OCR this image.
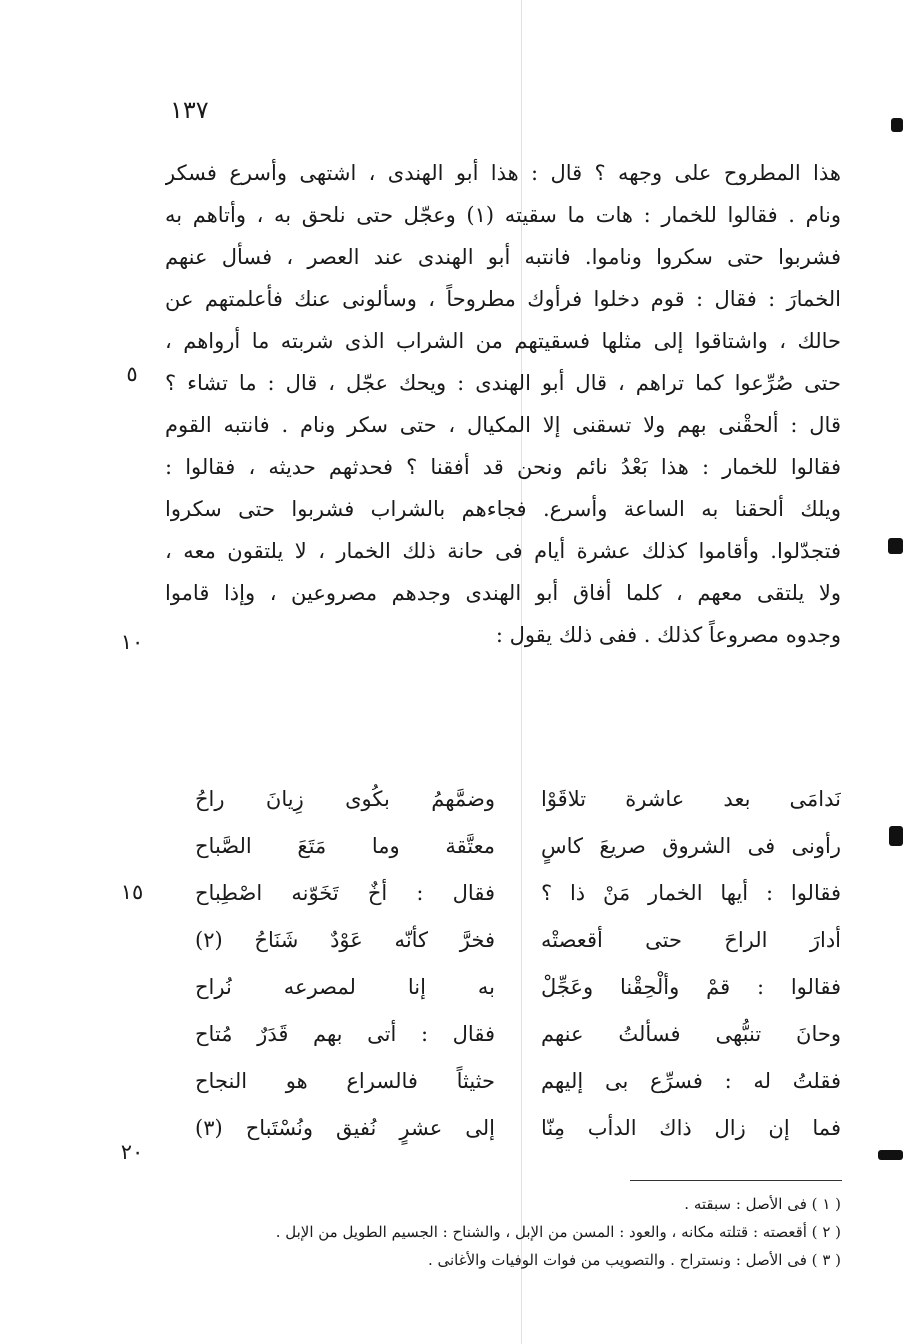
١٣٧
هذا المطروح على وجهه ؟ قال : هذا أبو الهندى ، اشتهى وأسرع فسكر
ونام . فقالوا للخمار : هات ما سقيته (١) وعجّل حتى نلحق به ، وأتاهم به
فشربوا حتى سكروا وناموا. فانتبه أبو الهندى عند العصر ، فسأل عنهم
الخمارَ : فقال : قوم دخلوا فرأوك مطروحاً ، وسألونى عنك فأعلمتهم عن
حالك ، واشتاقوا إلى مثلها فسقيتهم من الشراب الذى شربته ما أرواهم ،
حتى صُرِّعوا كما تراهم ، قال أبو الهندى : ويحك عجّل ، قال : ما تشاء ؟
قال : ألحقْنى بهم ولا تسقنى إلا المكيال ، حتى سكر ونام . فانتبه القوم
فقالوا للخمار : هذا بَعْدُ نائم ونحن قد أفقنا ؟ فحدثهم حديثه ، فقالوا :
ويلك ألحقنا به الساعة وأسرع. فجاءهم بالشراب فشربوا حتى سكروا
فتجدّلوا. وأقاموا كذلك عشرة أيام فى حانة ذلك الخمار ، لا يلتقون معه ،
ولا يلتقى معهم ، كلما أفاق أبو الهندى وجدهم مصروعين ، وإذا قاموا
وجدوه مصروعاً كذلك . ففى ذلك يقول :
٥
١٠
١٥
٢٠
نَدامَى بعد عاشرة تلاقَوْا
وضمَّهمُ بكُوى زِيانَ راحُ
رأونى فى الشروق صريعَ كاسٍ
معتَّقة وما مَتَعَ الصَّباح
فقالوا : أيها الخمار مَنْ ذا ؟
فقال : أخٌ تَخَوّنه اصْطِباح
أدارَ الراحَ حتى أقعصتْه
فخرَّ كأنّه عَوْدٌ شَنَاحُ (٢)
فقالوا : قمْ وألْحِقْنا وعَجِّلْ
به إنا لمصرعه نُراح
وحانَ تنبُّهى فسألتُ عنهم
فقال : أتى بهم قَدَرٌ مُتاح
فقلتُ له : فسرِّع بى إليهم
حثيثاً فالسراع هو النجاح
فما إن زال ذاك الدأب مِنّا
إلى عشرٍ نُفيق ونُسْتَباح (٣)
( ١ ) فى الأصل : سبقته .
( ٢ ) أقعصته : قتلته مكانه ، والعود : المسن من الإبل ، والشناح : الجسيم الطويل من الإبل .
( ٣ ) فى الأصل : ونستراح . والتصويب من فوات الوفيات والأغانى .
